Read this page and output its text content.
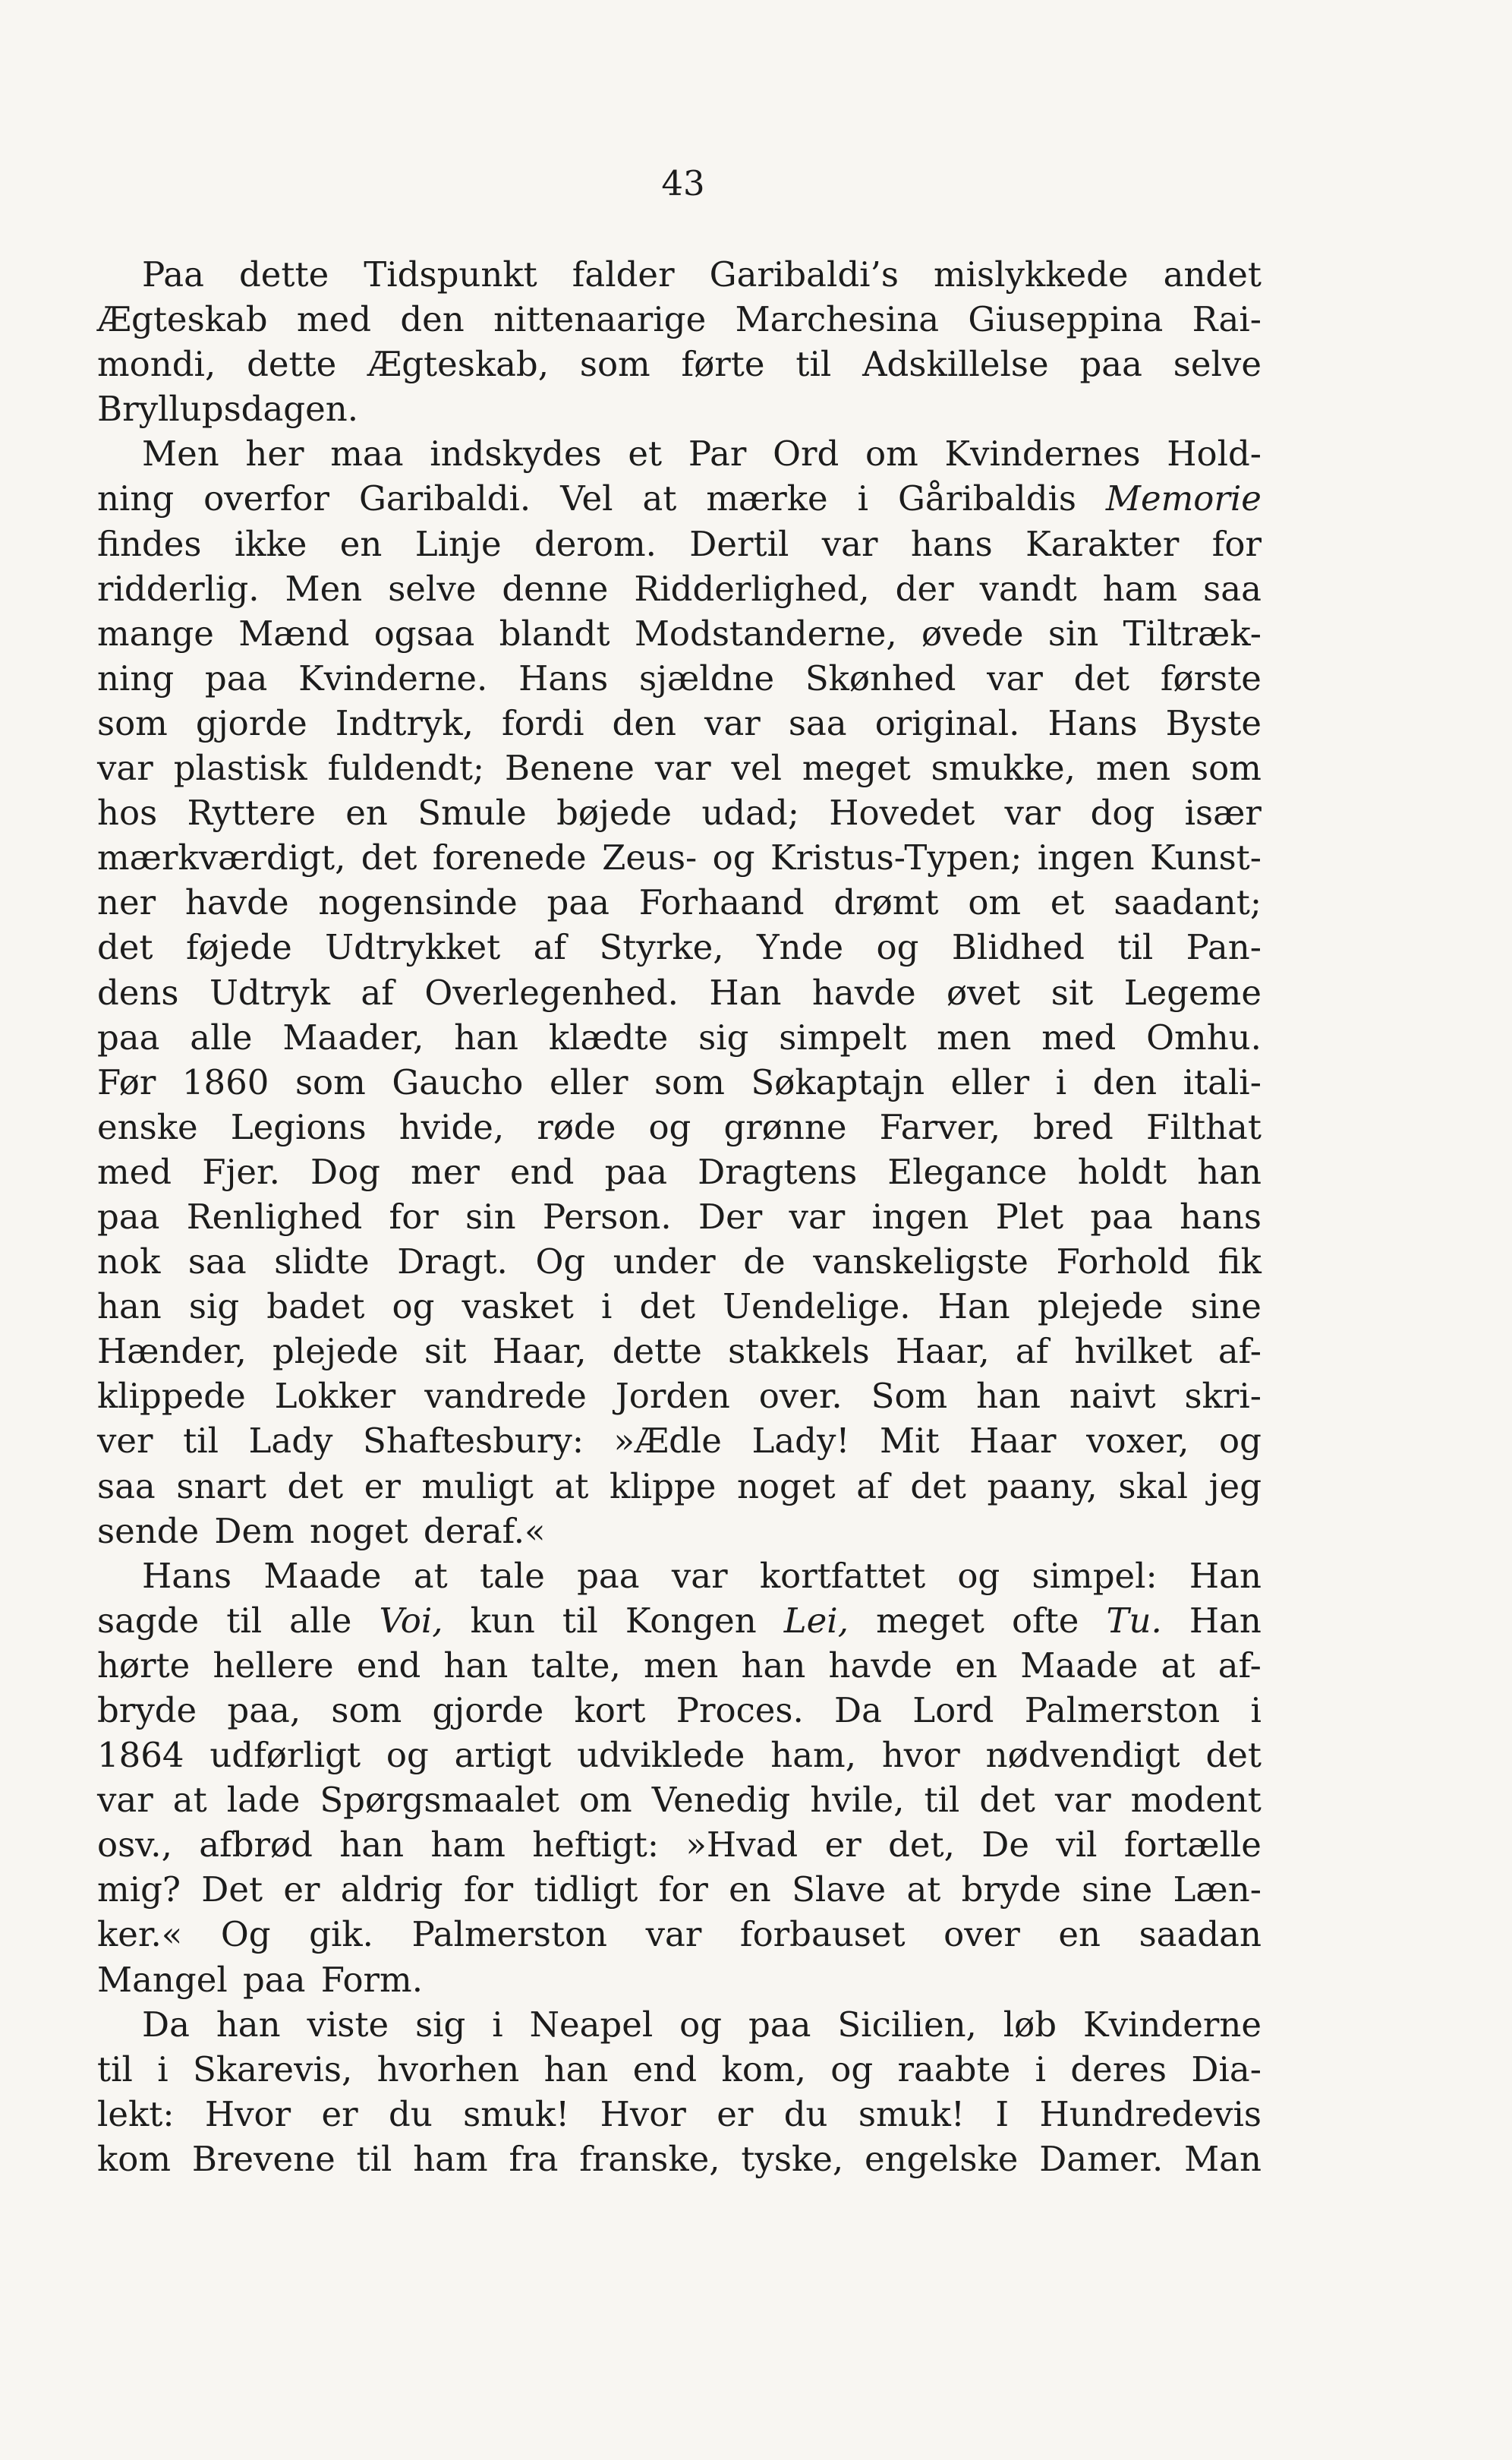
43
Paa dette Tidspunkt falder Garibaldi’s mislykkede andet
Ægteskab med den nittenaarige Marchesina Giuseppina Rai-
mondi, dette Ægteskab, som førte til Adskillelse paa selve
Bryllupsdagen.
Men her maa indskydes et Par Ord om Kvindernes Hold-
ning overfor Garibaldi. Vel at mærke i Gåribaldis Memorie
findes ikke en Linje derom. Dertil var hans Karakter for
ridderlig. Men selve denne Ridderlighed, der vandt ham saa
mange Mænd ogsaa blandt Modstanderne, øvede sin Tiltræk-
ning paa Kvinderne. Hans sjældne Skønhed var det første
som gjorde Indtryk, fordi den var saa original. Hans Byste
var plastisk fuldendt; Benene var vel meget smukke, men som
hos Ryttere en Smule bøjede udad; Hovedet var dog især
mærkværdigt, det forenede Zeus- og Kristus-Typen; ingen Kunst-
ner havde nogensinde paa Forhaand drømt om et saadant;
det føjede Udtrykket af Styrke, Ynde og Blidhed til Pan-
dens Udtryk af Overlegenhed. Han havde øvet sit Legeme
paa alle Maader, han klædte sig simpelt men med Omhu.
Før 1860 som Gaucho eller som Søkaptajn eller i den itali-
enske Legions hvide, røde og grønne Farver, bred Filthat
med Fjer. Dog mer end paa Dragtens Elegance holdt han
paa Renlighed for sin Person. Der var ingen Plet paa hans
nok saa slidte Dragt. Og under de vanskeligste Forhold fik
han sig badet og vasket i det Uendelige. Han plejede sine
Hænder, plejede sit Haar, dette stakkels Haar, af hvilket af-
klippede Lokker vandrede Jorden over. Som han naivt skri-
ver til Lady Shaftesbury: »Ædle Lady! Mit Haar voxer, og
saa snart det er muligt at klippe noget af det paany, skal jeg
sende Dem noget deraf.«
Hans Maade at tale paa var kortfattet og simpel: Han
sagde til alle Voi, kun til Kongen Lei, meget ofte Tu. Han
hørte hellere end han talte, men han havde en Maade at af-
bryde paa, som gjorde kort Proces. Da Lord Palmerston i
1864 udførligt og artigt udviklede ham, hvor nødvendigt det
var at lade Spørgsmaalet om Venedig hvile, til det var modent
osv., afbrød han ham heftigt: »Hvad er det, De vil fortælle
mig? Det er aldrig for tidligt for en Slave at bryde sine Læn-
ker.« Og gik. Palmerston var forbauset over en saadan
Mangel paa Form.
Da han viste sig i Neapel og paa Sicilien, løb Kvinderne
til i Skarevis, hvorhen han end kom, og raabte i deres Dia-
lekt: Hvor er du smuk! Hvor er du smuk! I Hundredevis
kom Brevene til ham fra franske, tyske, engelske Damer. Man
